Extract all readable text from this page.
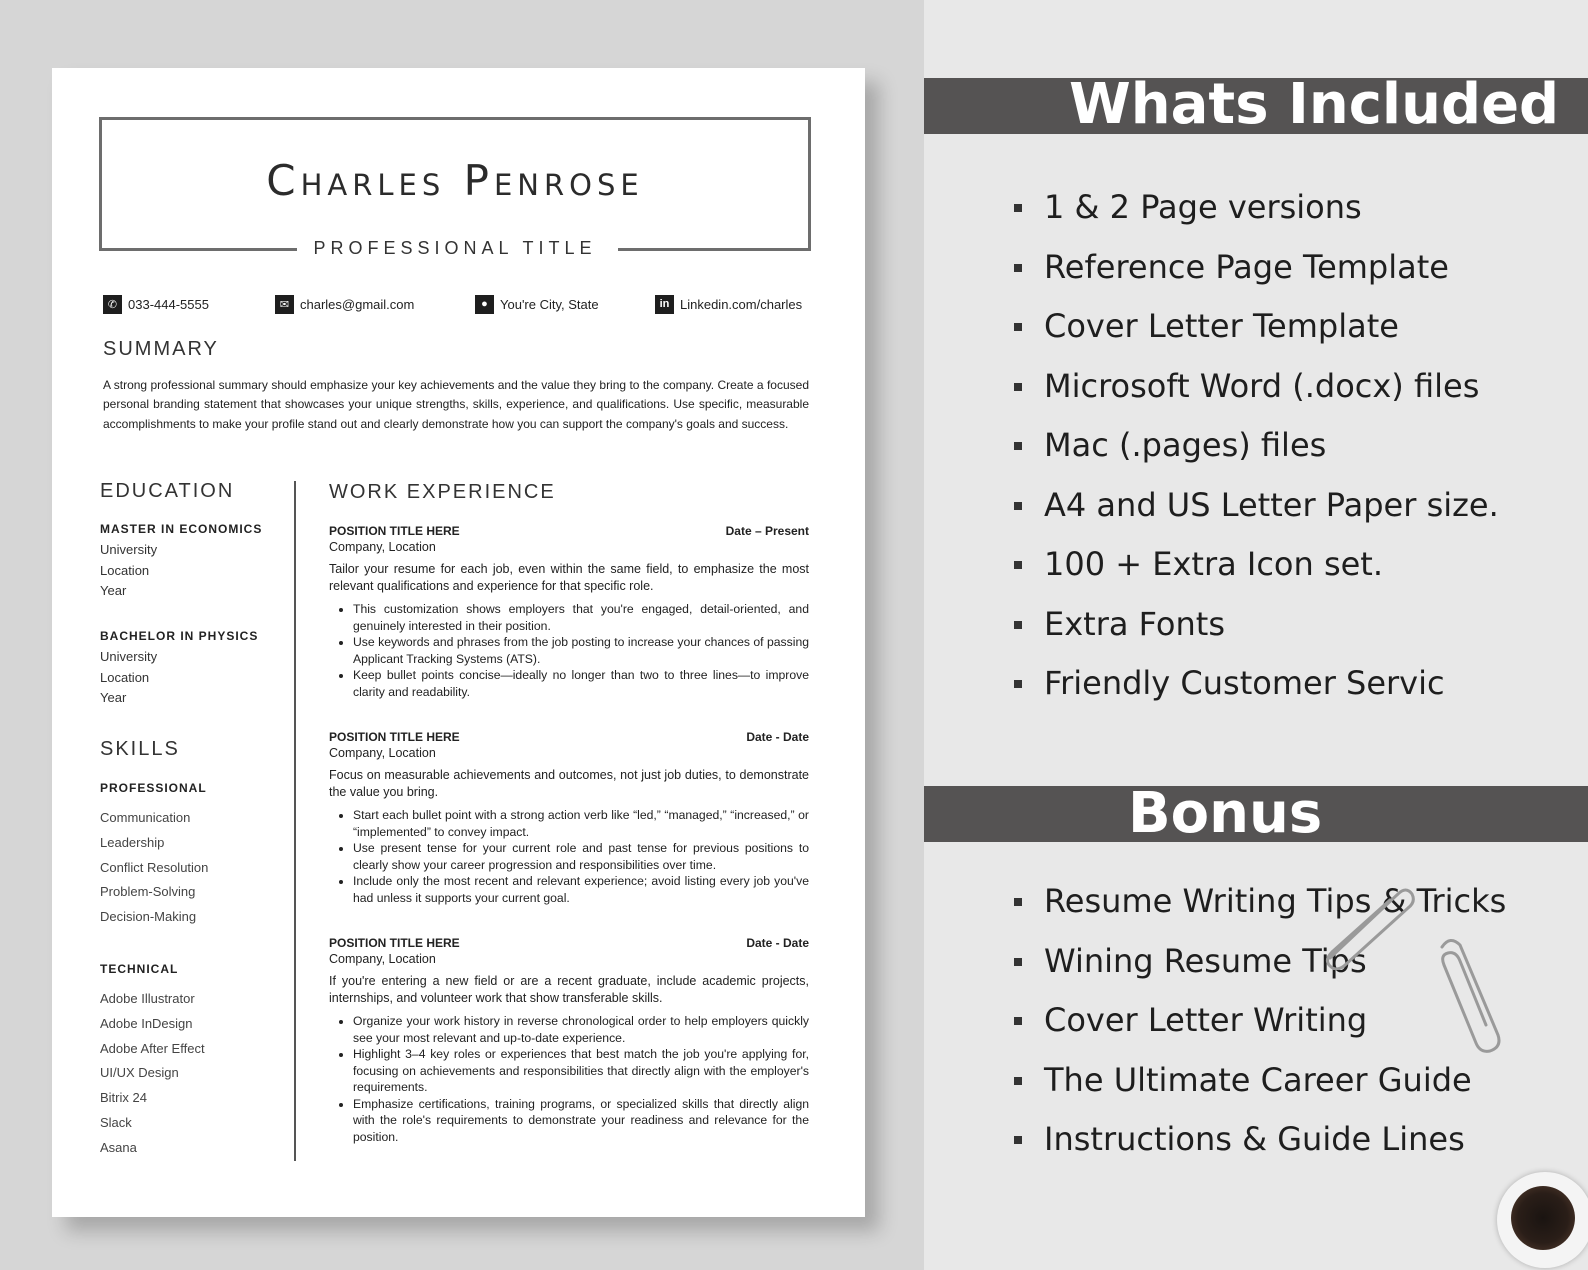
Charles Penrose
PROFESSIONAL TITLE
✆ 033-444-5555	✉ charles@gmail.com	● You're City, State	in Linkedin.com/charles
SUMMARY
A strong professional summary should emphasize your key achievements and the value they bring to the company. Create a focused personal branding statement that showcases your unique strengths, skills, experience, and qualifications. Use specific, measurable accomplishments to make your profile stand out and clearly demonstrate how you can support the company's goals and success.
EDUCATION
MASTER IN ECONOMICS
University
Location
Year
BACHELOR IN PHYSICS
University
Location
Year
SKILLS
PROFESSIONAL
Communication
Leadership
Conflict Resolution
Problem-Solving
Decision-Making
TECHNICAL
Adobe Illustrator
Adobe InDesign
Adobe After Effect
UI/UX Design
Bitrix 24
Slack
Asana
WORK EXPERIENCE
POSITION TITLE HERE	Date – Present
Company, Location
Tailor your resume for each job, even within the same field, to emphasize the most relevant qualifications and experience for that specific role.
• This customization shows employers that you're engaged, detail-oriented, and genuinely interested in their position.
• Use keywords and phrases from the job posting to increase your chances of passing Applicant Tracking Systems (ATS).
• Keep bullet points concise—ideally no longer than two to three lines—to improve clarity and readability.
POSITION TITLE HERE	Date - Date
Company, Location
Focus on measurable achievements and outcomes, not just job duties, to demonstrate the value you bring.
• Start each bullet point with a strong action verb like “led,” “managed,” “increased,” or “implemented” to convey impact.
• Use present tense for your current role and past tense for previous positions to clearly show your career progression and responsibilities over time.
• Include only the most recent and relevant experience; avoid listing every job you've had unless it supports your current goal.
POSITION TITLE HERE	Date - Date
Company, Location
If you're entering a new field or are a recent graduate, include academic projects, internships, and volunteer work that show transferable skills.
• Organize your work history in reverse chronological order to help employers quickly see your most relevant and up-to-date experience.
• Highlight 3–4 key roles or experiences that best match the job you're applying for, focusing on achievements and responsibilities that directly align with the employer's requirements.
• Emphasize certifications, training programs, or specialized skills that directly align with the role's requirements to demonstrate your readiness and relevance for the position.
Whats Included
1 & 2 Page versions
Reference Page Template
Cover Letter Template
Microsoft Word (.docx) files
Mac (.pages) files
A4 and US Letter Paper size.
100 + Extra Icon set.
Extra Fonts
Friendly Customer Servic
Bonus
Resume Writing Tips & Tricks
Wining Resume Tips
Cover Letter Writing
The Ultimate Career Guide
Instructions & Guide Lines
